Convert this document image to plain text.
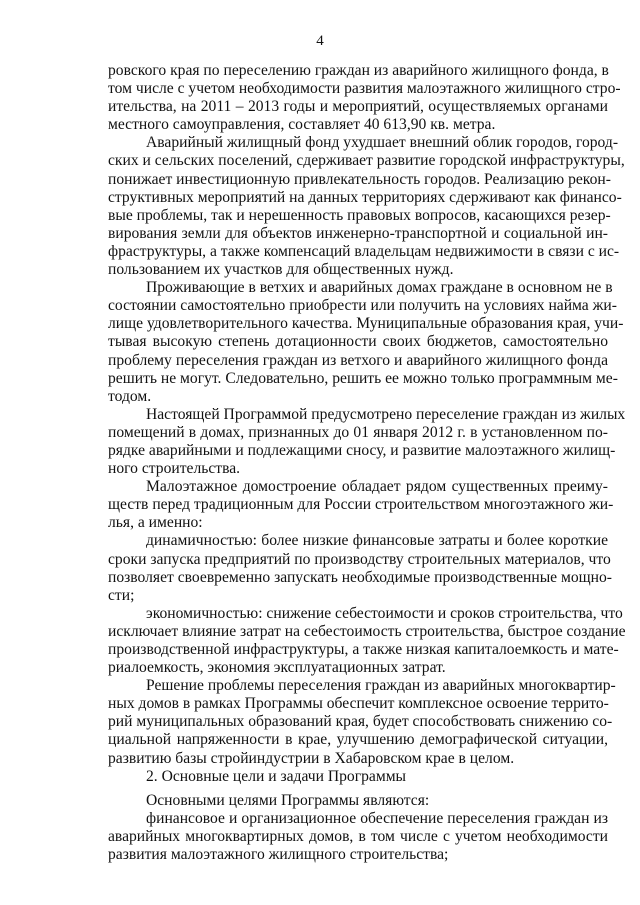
4
ровского края по переселению граждан из аварийного жилищного фонда, в
том числе с учетом необходимости развития малоэтажного жилищного стро-
ительства, на 2011 – 2013 годы и мероприятий, осуществляемых органами
местного самоуправления, составляет 40 613,90 кв. метра.
Аварийный жилищный фонд ухудшает внешний облик городов, город-
ских и сельских поселений, сдерживает развитие городской инфраструктуры,
понижает инвестиционную привлекательность городов. Реализацию рекон-
структивных мероприятий на данных территориях сдерживают как финансо-
вые проблемы, так и нерешенность правовых вопросов, касающихся резер-
вирования земли для объектов инженерно-транспортной и социальной ин-
фраструктуры, а также компенсаций владельцам недвижимости в связи с ис-
пользованием их участков для общественных нужд.
Проживающие в ветхих и аварийных домах граждане в основном не в
состоянии самостоятельно приобрести или получить на условиях найма жи-
лище удовлетворительного качества. Муниципальные образования края, учи-
тывая высокую степень дотационности своих бюджетов, самостоятельно
проблему переселения граждан из ветхого и аварийного жилищного фонда
решить не могут. Следовательно, решить ее можно только программным ме-
тодом.
Настоящей Программой предусмотрено переселение граждан из жилых
помещений в домах, признанных до 01 января 2012 г. в установленном по-
рядке аварийными и подлежащими сносу, и развитие малоэтажного жилищ-
ного строительства.
Малоэтажное домостроение обладает рядом существенных преиму-
ществ перед традиционным для России строительством многоэтажного жи-
лья, а именно:
динамичностью: более низкие финансовые затраты и более короткие
сроки запуска предприятий по производству строительных материалов, что
позволяет своевременно запускать необходимые производственные мощно-
сти;
экономичностью: снижение себестоимости и сроков строительства, что
исключает влияние затрат на себестоимость строительства, быстрое создание
производственной инфраструктуры, а также низкая капиталоемкость и мате-
риалоемкость, экономия эксплуатационных затрат.
Решение проблемы переселения граждан из аварийных многоквартир-
ных домов в рамках Программы обеспечит комплексное освоение террито-
рий муниципальных образований края, будет способствовать снижению со-
циальной напряженности в крае, улучшению демографической ситуации,
развитию базы стройиндустрии в Хабаровском крае в целом.
2. Основные цели и задачи Программы
Основными целями Программы являются:
финансовое и организационное обеспечение переселения граждан из
аварийных многоквартирных домов, в том числе с учетом необходимости
развития малоэтажного жилищного строительства;
